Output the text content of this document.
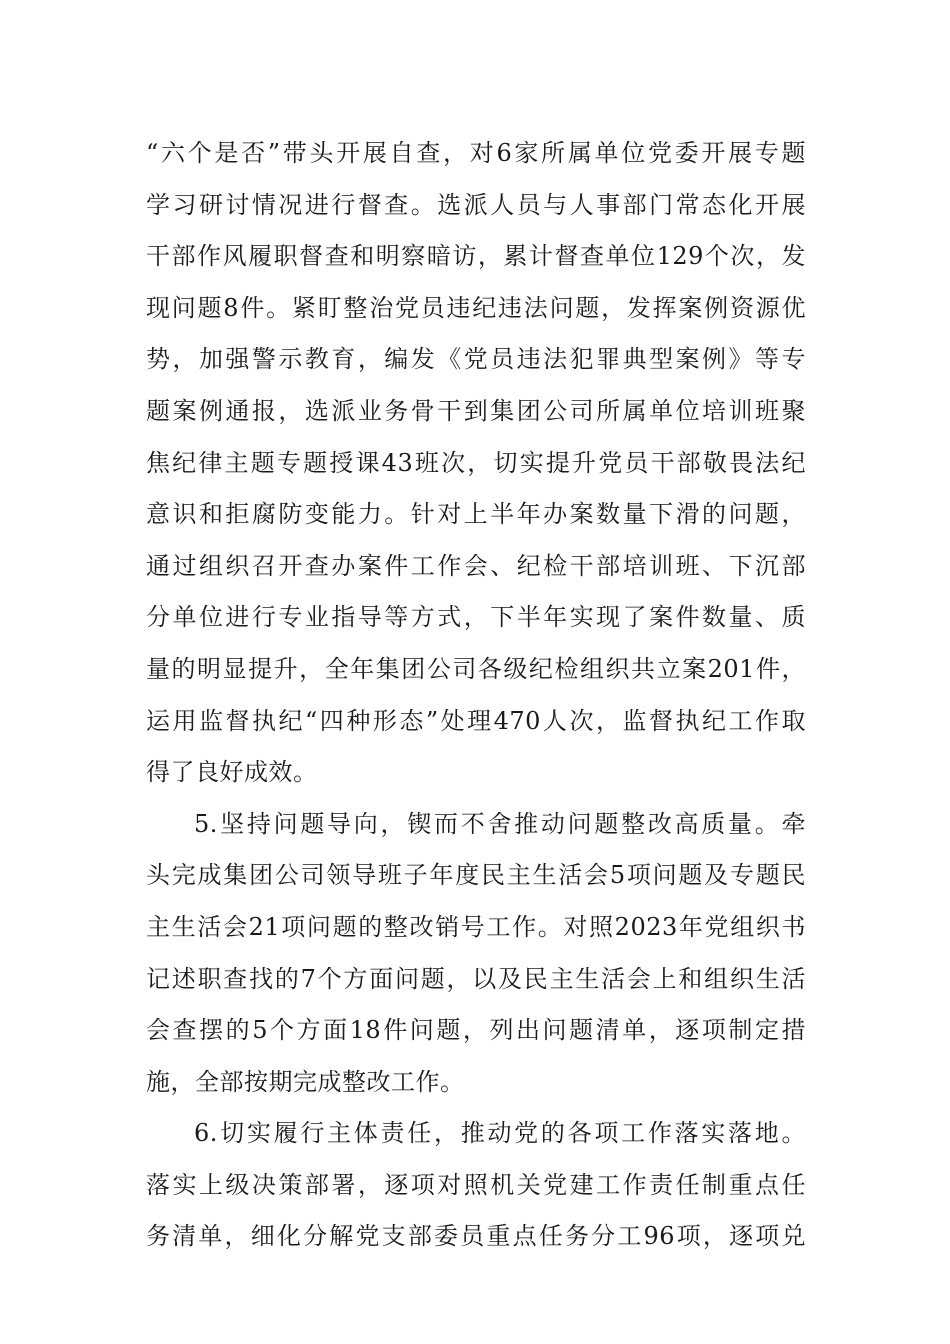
“六个是否”带头开展自查，对6家所属单位党委开展专题
学习研讨情况进行督查。选派人员与人事部门常态化开展
干部作风履职督查和明察暗访，累计督查单位129个次，发
现问题8件。紧盯整治党员违纪违法问题，发挥案例资源优
势，加强警示教育，编发《党员违法犯罪典型案例》等专
题案例通报，选派业务骨干到集团公司所属单位培训班聚
焦纪律主题专题授课43班次，切实提升党员干部敬畏法纪
意识和拒腐防变能力。针对上半年办案数量下滑的问题，
通过组织召开查办案件工作会、纪检干部培训班、下沉部
分单位进行专业指导等方式，下半年实现了案件数量、质
量的明显提升，全年集团公司各级纪检组织共立案201件，
运用监督执纪“四种形态”处理470人次，监督执纪工作取
得了良好成效。
5.坚持问题导向，锲而不舍推动问题整改高质量。牵
头完成集团公司领导班子年度民主生活会5项问题及专题民
主生活会21项问题的整改销号工作。对照2023年党组织书
记述职查找的7个方面问题，以及民主生活会上和组织生活
会查摆的5个方面18件问题，列出问题清单，逐项制定措
施，全部按期完成整改工作。
6.切实履行主体责任，推动党的各项工作落实落地。
落实上级决策部署，逐项对照机关党建工作责任制重点任
务清单，细化分解党支部委员重点任务分工96项，逐项兑
